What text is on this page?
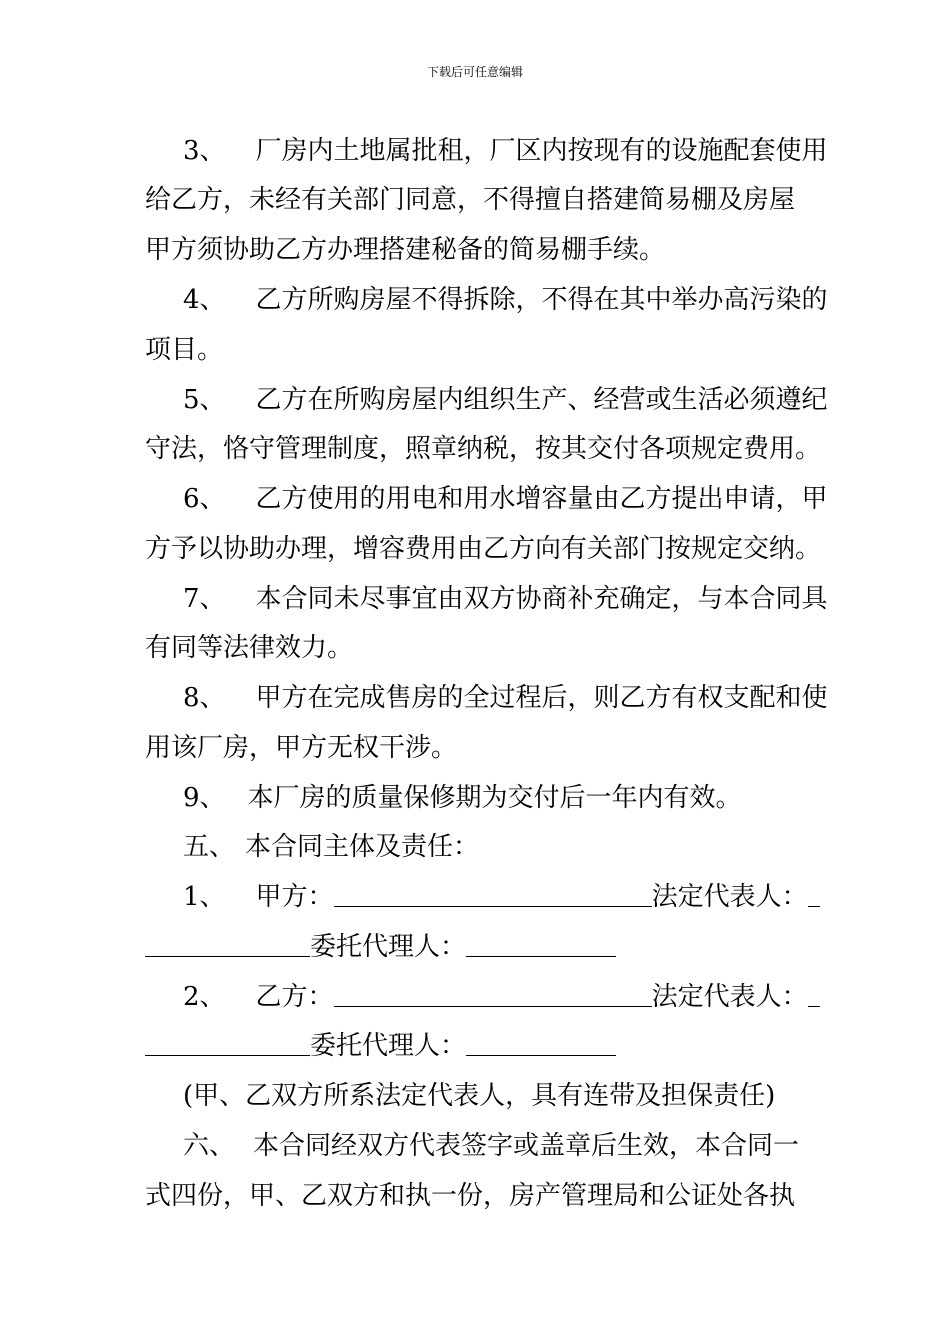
下载后可任意编辑
3、 厂房内土地属批租，厂区内按现有的设施配套使用
给乙方，未经有关部门同意，不得擅自搭建简易棚及房屋
甲方须协助乙方办理搭建秘备的简易棚手续。
4、 乙方所购房屋不得拆除，不得在其中举办高污染的
项目。
5、 乙方在所购房屋内组织生产、经营或生活必须遵纪
守法，恪守管理制度，照章纳税，按其交付各项规定费用。
6、 乙方使用的用电和用水增容量由乙方提出申请，甲
方予以协助办理，增容费用由乙方向有关部门按规定交纳。
7、 本合同未尽事宜由双方协商补充确定，与本合同具
有同等法律效力。
8、 甲方在完成售房的全过程后，则乙方有权支配和使
用该厂房，甲方无权干涉。
9、 本厂房的质量保修期为交付后一年内有效。
五、 本合同主体及责任：
1、 甲方：	法定代表人：
委托代理人：
2、 乙方：	法定代表人：
委托代理人：
(甲、乙双方所系法定代表人，具有连带及担保责任)
六、 本合同经双方代表签字或盖章后生效，本合同一
式四份，甲、乙双方和执一份，房产管理局和公证处各执
